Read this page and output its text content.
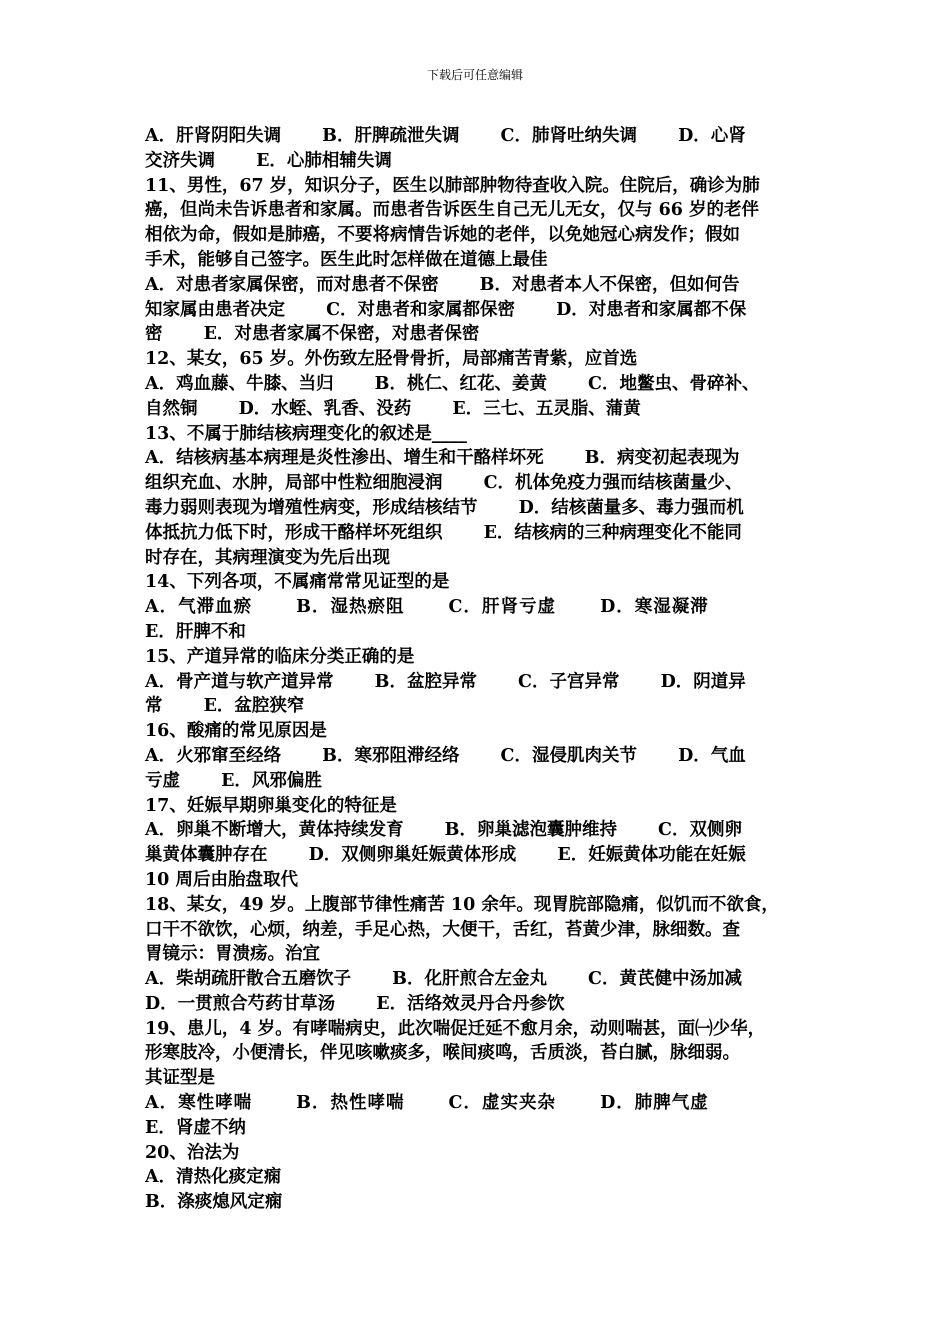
下载后可任意编辑
A．肝肾阴阳失调　　 B．肝脾疏泄失调　　 C．肺肾吐纳失调　　 D．心肾
交济失调　　 E．心肺相辅失调
11、男性，67 岁，知识分子，医生以肺部肿物待查收入院。住院后，确诊为肺
癌，但尚未告诉患者和家属。而患者告诉医生自己无儿无女，仅与 66 岁的老伴
相依为命，假如是肺癌，不要将病情告诉她的老伴，以免她冠心病发作；假如
手术，能够自己签字。医生此时怎样做在道德上最佳
A．对患者家属保密，而对患者不保密　　 B．对患者本人不保密，但如何告
知家属由患者决定　　 C．对患者和家属都保密　　 D．对患者和家属都不保
密　　 E．对患者家属不保密，对患者保密
12、某女，65 岁。外伤致左胫骨骨折，局部痛苦青紫，应首选
A．鸡血藤、牛膝、当归　　 B．桃仁、红花、姜黄　　 C．地鳖虫、骨碎补、
自然铜　　 D．水蛭、乳香、没药　　 E．三七、五灵脂、蒲黄
13、不属于肺结核病理变化的叙述是____
A．结核病基本病理是炎性渗出、增生和干酪样坏死　　 B．病变初起表现为
组织充血、水肿，局部中性粒细胞浸润　　 C．机体免疫力强而结核菌量少、
毒力弱则表现为增殖性病变，形成结核结节　　 D．结核菌量多、毒力强而机
体抵抗力低下时，形成干酪样坏死组织　　 E．结核病的三种病理变化不能同
时存在，其病理演变为先后出现
14、下列各项，不属痛常常见证型的是
A．气滞血瘀　　 B．湿热瘀阻　　 C．肝肾亏虚　　 D．寒湿凝滞
E．肝脾不和
15、产道异常的临床分类正确的是
A．骨产道与软产道异常　　 B．盆腔异常　　 C．子宫异常　　 D．阴道异
常　　 E．盆腔狭窄
16、酸痛的常见原因是
A．火邪窜至经络　　 B．寒邪阻滞经络　　 C．湿侵肌肉关节　　 D．气血
亏虚　　 E．风邪偏胜
17、妊娠早期卵巢变化的特征是
A．卵巢不断增大，黄体持续发育　　 B．卵巢滤泡囊肿维持　　 C．双侧卵
巢黄体囊肿存在　　 D．双侧卵巢妊娠黄体形成　　 E．妊娠黄体功能在妊娠
10 周后由胎盘取代
18、某女，49 岁。上腹部节律性痛苦 10 余年。现胃脘部隐痛，似饥而不欲食，
口干不欲饮，心烦，纳差，手足心热，大便干，舌红，苔黄少津，脉细数。查
胃镜示：胃溃疡。治宜
A．柴胡疏肝散合五磨饮子　　 B．化肝煎合左金丸　　 C．黄芪健中汤加减
D．一贯煎合芍药甘草汤　　 E．活络效灵丹合丹参饮
19、患儿，4 岁。有哮喘病史，此次喘促迁延不愈月余，动则喘甚，面㈠少华，
形寒肢冷，小便清长，伴见咳嗽痰多，喉间痰鸣，舌质淡，苔白腻，脉细弱。
其证型是
A．寒性哮喘　　 B．热性哮喘　　 C．虚实夹杂　　 D．肺脾气虚
E．肾虚不纳
20、治法为
A．清热化痰定痫
B．涤痰熄风定痫
